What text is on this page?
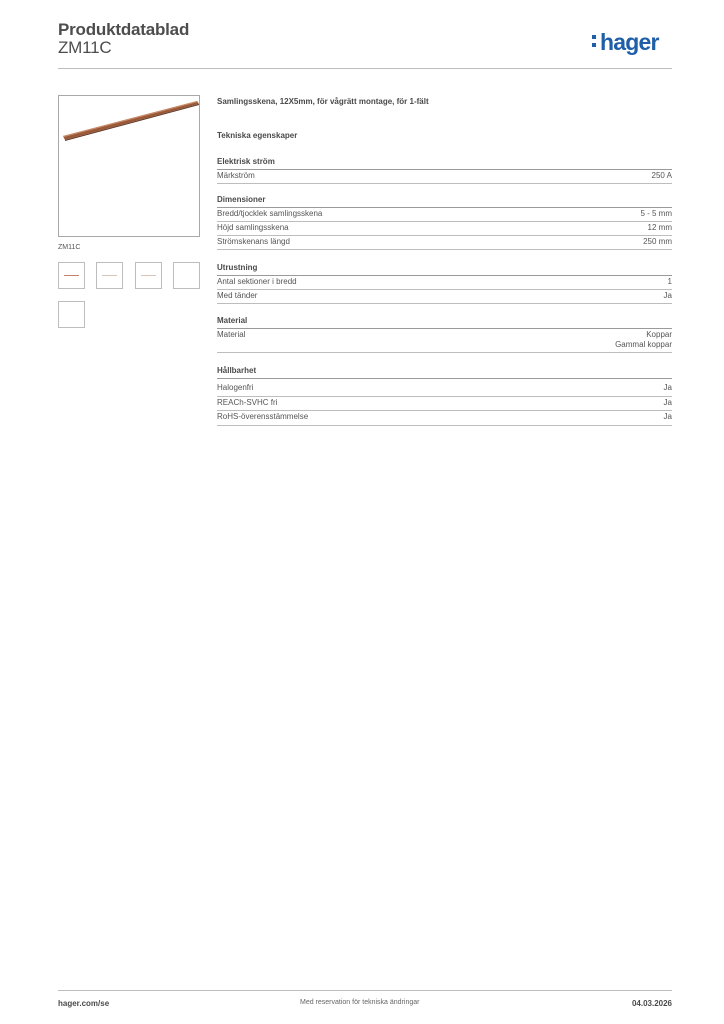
Produktdatablad
ZM11C	hager
ZM11C
Samlingsskena, 12X5mm, för vågrätt montage, för 1-fält
Tekniska egenskaper
Elektrisk ström
Märkström	250 A
Dimensioner
Bredd/tjocklek samlingsskena	5 - 5 mm
Höjd samlingsskena	12 mm
Strömskenans längd	250 mm
Utrustning
Antal sektioner i bredd	1
Med tänder	Ja
Material
Material	Koppar
Gammal koppar
Hållbarhet
Halogenfri	Ja
REACh-SVHC fri	Ja
RoHS-överensstämmelse	Ja
hager.com/se	Med reservation för tekniska ändringar	04.03.2026
